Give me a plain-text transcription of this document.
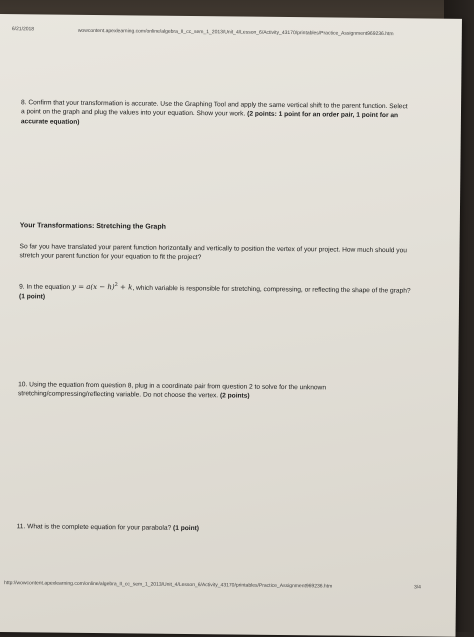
6/21/2018	wowcontent.apexlearning.com/online/algebra_II_cc_sem_1_2013/Unit_4/Lesson_6/Activity_43170/printables/Practice_Assignment969236.htm
8. Confirm that your transformation is accurate. Use the Graphing Tool and apply the same vertical shift to the parent function. Select a point on the graph and plug the values into your equation. Show your work. (2 points: 1 point for an order pair, 1 point for an accurate equation)
Your Transformations: Stretching the Graph
So far you have translated your parent function horizontally and vertically to position the vertex of your project. How much should you stretch your parent function for your equation to fit the project?
9. In the equation $y = a(x - h)^2 + k$, which variable is responsible for stretching, compressing, or reflecting the shape of the graph? (1 point)
10. Using the equation from question 8, plug in a coordinate pair from question 2 to solve for the unknown stretching/compressing/reflecting variable. Do not choose the vertex. (2 points)
11. What is the complete equation for your parabola? (1 point)
http://wowcontent.apexlearning.com/online/algebra_II_cc_sem_1_2013/Unit_4/Lesson_6/Activity_43170/printables/Practice_Assignment969236.htm	3/4
